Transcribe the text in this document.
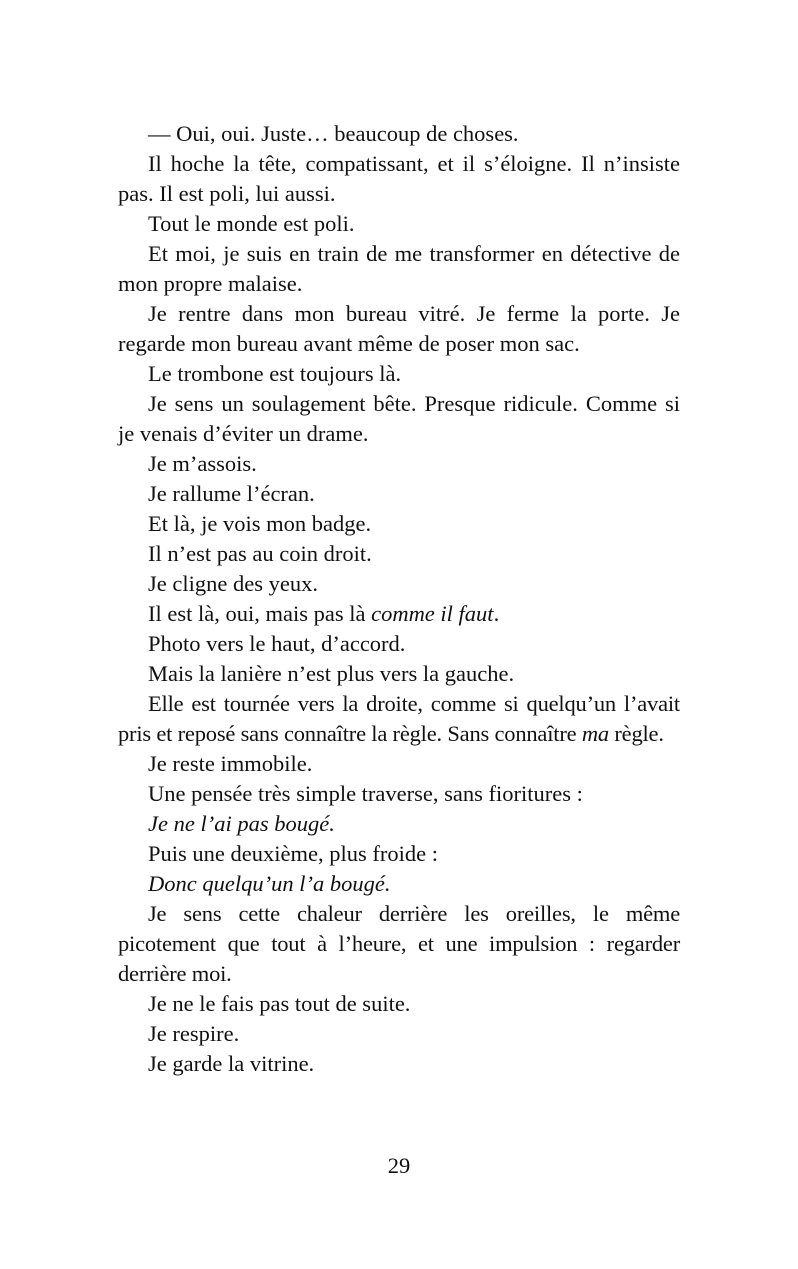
— Oui, oui. Juste… beaucoup de choses.

Il hoche la tête, compatissant, et il s’éloigne. Il n’insiste pas. Il est poli, lui aussi.

Tout le monde est poli.

Et moi, je suis en train de me transformer en détective de mon propre malaise.

Je rentre dans mon bureau vitré. Je ferme la porte. Je regarde mon bureau avant même de poser mon sac.

Le trombone est toujours là.

Je sens un soulagement bête. Presque ridicule. Comme si je venais d’éviter un drame.

Je m’assois.

Je rallume l’écran.

Et là, je vois mon badge.

Il n’est pas au coin droit.

Je cligne des yeux.

Il est là, oui, mais pas là comme il faut.

Photo vers le haut, d’accord.

Mais la lanière n’est plus vers la gauche.

Elle est tournée vers la droite, comme si quelqu’un l’avait pris et reposé sans connaître la règle. Sans connaître ma règle.

Je reste immobile.

Une pensée très simple traverse, sans fioritures :

Je ne l’ai pas bougé.

Puis une deuxième, plus froide :

Donc quelqu’un l’a bougé.

Je sens cette chaleur derrière les oreilles, le même picotement que tout à l’heure, et une impulsion : regarder derrière moi.

Je ne le fais pas tout de suite.

Je respire.

Je garde la vitrine.

29
